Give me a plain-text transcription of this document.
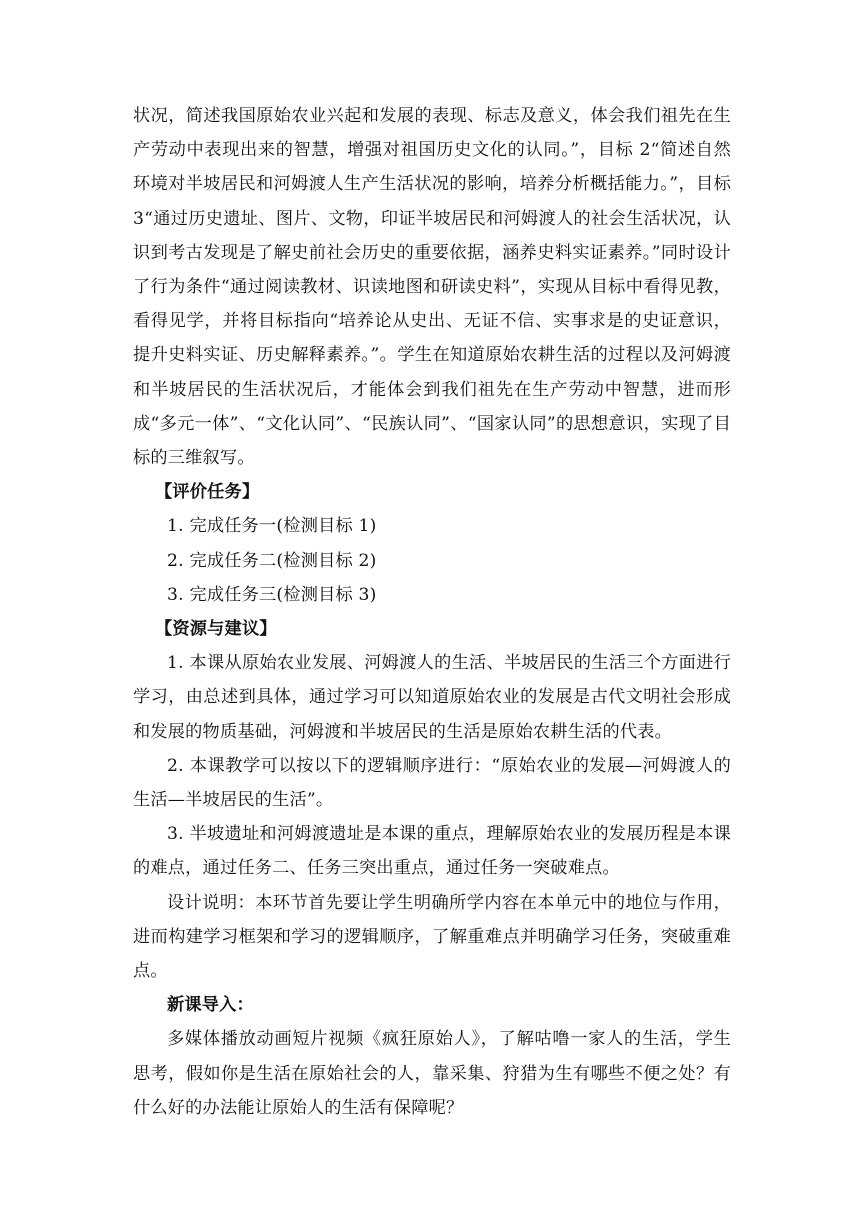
状况，简述我国原始农业兴起和发展的表现、标志及意义，体会我们祖先在生产劳动中表现出来的智慧，增强对祖国历史文化的认同。”，目标 2“简述自然环境对半坡居民和河姆渡人生产生活状况的影响，培养分析概括能力。”，目标 3“通过历史遗址、图片、文物，印证半坡居民和河姆渡人的社会生活状况，认识到考古发现是了解史前社会历史的重要依据，涵养史料实证素养。”同时设计了行为条件“通过阅读教材、识读地图和研读史料”，实现从目标中看得见教，看得见学，并将目标指向“培养论从史出、无证不信、实事求是的史证意识，提升史料实证、历史解释素养。”。学生在知道原始农耕生活的过程以及河姆渡和半坡居民的生活状况后，才能体会到我们祖先在生产劳动中智慧，进而形成“多元一体”、“文化认同”、“民族认同”、“国家认同”的思想意识，实现了目标的三维叙写。

【评价任务】

1. 完成任务一(检测目标 1)

2. 完成任务二(检测目标 2)

3. 完成任务三(检测目标 3)

【资源与建议】

1. 本课从原始农业发展、河姆渡人的生活、半坡居民的生活三个方面进行学习，由总述到具体，通过学习可以知道原始农业的发展是古代文明社会形成和发展的物质基础，河姆渡和半坡居民的生活是原始农耕生活的代表。

2. 本课教学可以按以下的逻辑顺序进行：“原始农业的发展—河姆渡人的生活—半坡居民的生活”。

3. 半坡遗址和河姆渡遗址是本课的重点，理解原始农业的发展历程是本课的难点，通过任务二、任务三突出重点，通过任务一突破难点。

设计说明：本环节首先要让学生明确所学内容在本单元中的地位与作用，进而构建学习框架和学习的逻辑顺序，了解重难点并明确学习任务，突破重难点。

新课导入：

多媒体播放动画短片视频《疯狂原始人》，了解咕噜一家人的生活，学生思考，假如你是生活在原始社会的人，靠采集、狩猎为生有哪些不便之处？有什么好的办法能让原始人的生活有保障呢？
